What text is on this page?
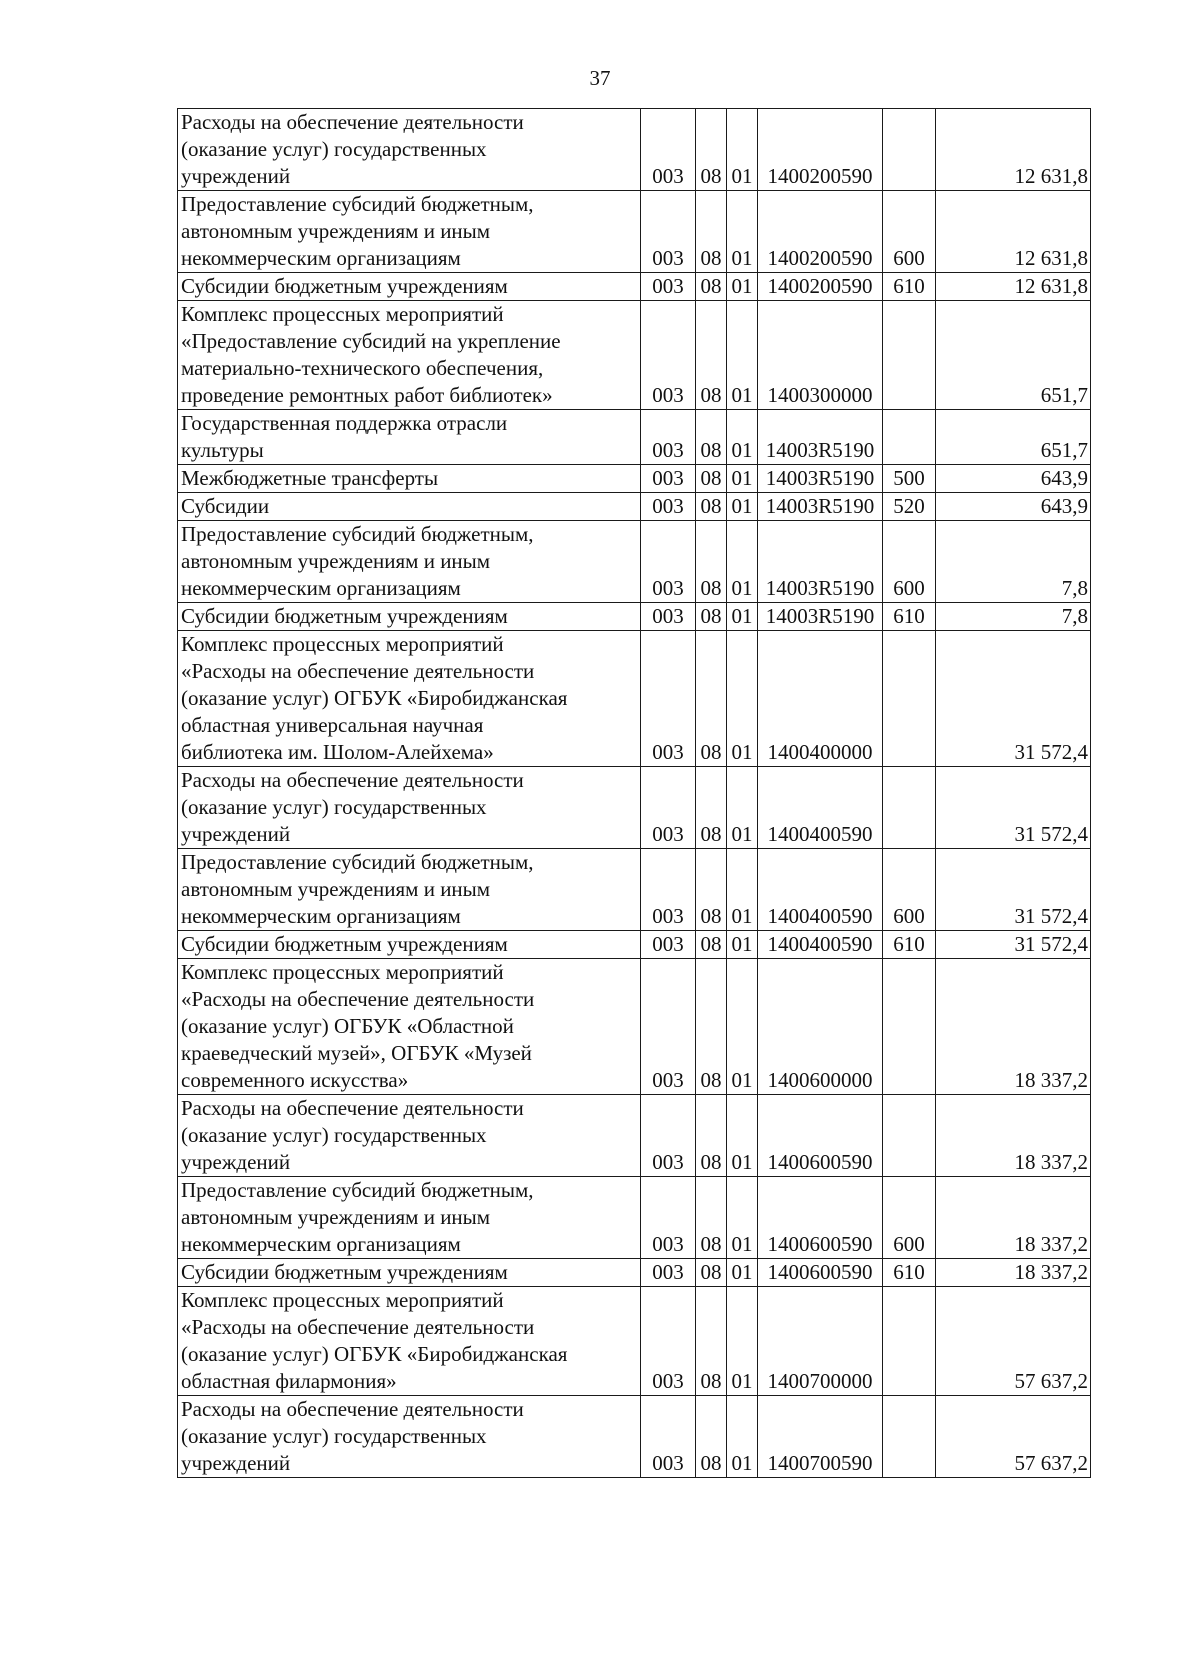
37
Расходы на обеспечение деятельности
(оказание услуг) государственных
учреждений	003	08	01	1400200590		12 631,8

Предоставление субсидий бюджетным,
автономным учреждениям и иным
некоммерческим организациям	003	08	01	1400200590	600	12 631,8

Субсидии бюджетным учреждениям	003	08	01	1400200590	610	12 631,8

Комплекс процессных мероприятий
«Предоставление субсидий на укрепление
материально-технического обеспечения,
проведение ремонтных работ библиотек»	003	08	01	1400300000		651,7

Государственная поддержка отрасли
культуры	003	08	01	14003R5190		651,7

Межбюджетные трансферты	003	08	01	14003R5190	500	643,9

Субсидии	003	08	01	14003R5190	520	643,9

Предоставление субсидий бюджетным,
автономным учреждениям и иным
некоммерческим организациям	003	08	01	14003R5190	600	7,8

Субсидии бюджетным учреждениям	003	08	01	14003R5190	610	7,8

Комплекс процессных мероприятий
«Расходы на обеспечение деятельности
(оказание услуг) ОГБУК «Биробиджанская
областная универсальная научная
библиотека им. Шолом-Алейхема»	003	08	01	1400400000		31 572,4

Расходы на обеспечение деятельности
(оказание услуг) государственных
учреждений	003	08	01	1400400590		31 572,4

Предоставление субсидий бюджетным,
автономным учреждениям и иным
некоммерческим организациям	003	08	01	1400400590	600	31 572,4

Субсидии бюджетным учреждениям	003	08	01	1400400590	610	31 572,4

Комплекс процессных мероприятий
«Расходы на обеспечение деятельности
(оказание услуг) ОГБУК «Областной
краеведческий музей», ОГБУК «Музей
современного искусства»	003	08	01	1400600000		18 337,2

Расходы на обеспечение деятельности
(оказание услуг) государственных
учреждений	003	08	01	1400600590		18 337,2

Предоставление субсидий бюджетным,
автономным учреждениям и иным
некоммерческим организациям	003	08	01	1400600590	600	18 337,2

Субсидии бюджетным учреждениям	003	08	01	1400600590	610	18 337,2

Комплекс процессных мероприятий
«Расходы на обеспечение деятельности
(оказание услуг) ОГБУК «Биробиджанская
областная филармония»	003	08	01	1400700000		57 637,2

Расходы на обеспечение деятельности
(оказание услуг) государственных
учреждений	003	08	01	1400700590		57 637,2
